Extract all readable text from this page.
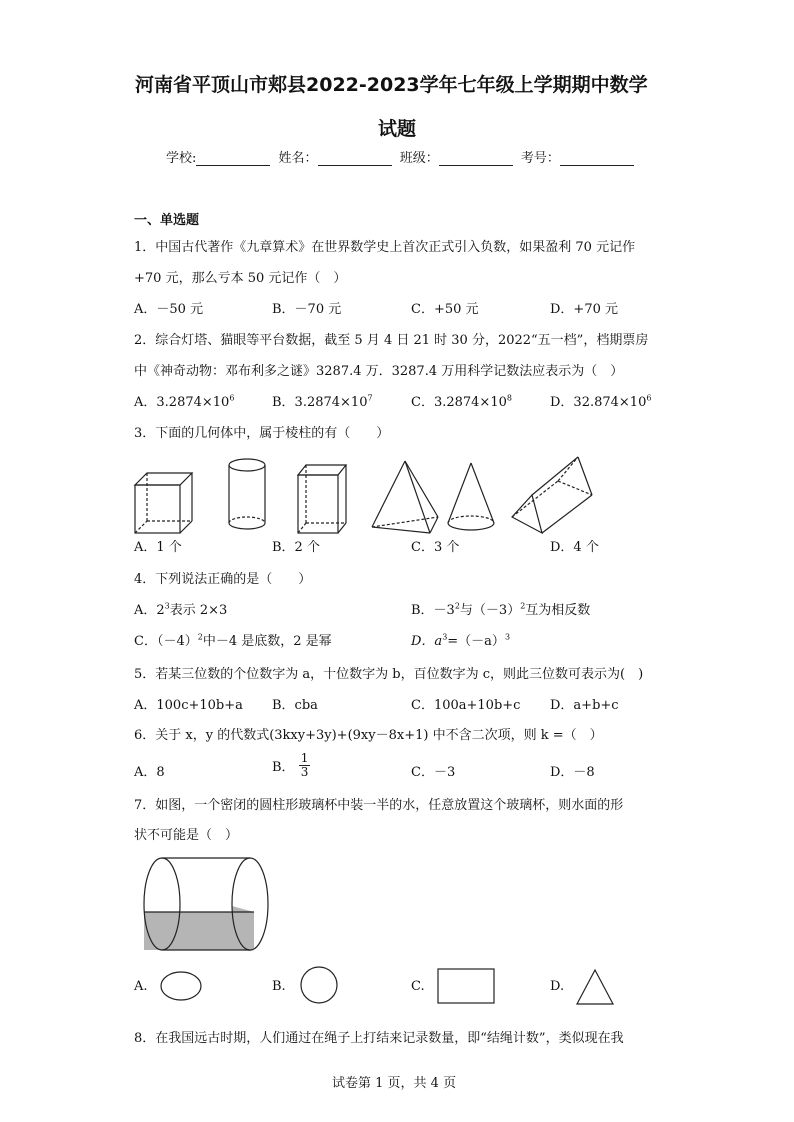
河南省平顶山市郏县2022-2023学年七年级上学期期中数学
试题
学校:	姓名：	班级：	考号：
一、单选题
1．中国古代著作《九章算术》在世界数学史上首次正式引入负数，如果盈利 70 元记作
+70 元，那么亏本 50 元记作（　）
A．－50 元	B．－70 元	C．+50 元	D．+70 元
2．综合灯塔、猫眼等平台数据，截至 5 月 4 日 21 时 30 分，2022“五一档”，档期票房
中《神奇动物：邓布利多之谜》3287.4 万．3287.4 万用科学记数法应表示为（　）
A．$3.2874\times 10^6$	B．$3.2874\times 10^7$	C．$3.2874\times 10^8$	D．$32.874\times 10^6$
3．下面的几何体中，属于棱柱的有（　　）
A．1 个	B．2 个	C．3 个	D．4 个
4．下列说法正确的是（　　）
A．$2^3$表示 2×3	B．$-3^2$与$(-3)^2$互为相反数
C．$(-4)^2$中－4 是底数，2 是幂	D．$a^3=(-a)^3$
5．若某三位数的个位数字为 a，十位数字为 b，百位数字为 c，则此三位数可表示为(　)
A．100c+10b+a B．cba	C．100a+10b+c D．a+b+c
6．关于 x，y 的代数式(3kxy+3y)+(9xy－8x+1) 中不含二次项，则 k =（　）
A．8	B． $\frac{1}{3}$	C．－3	D．－8
7．如图，一个密闭的圆柱形玻璃杯中装一半的水，任意放置这个玻璃杯，则水面的形
状不可能是（　）
A.	B.	C.	D.
8．在我国远古时期，人们通过在绳子上打结来记录数量，即“结绳计数”，类似现在我
试卷第 1 页，共 4 页
